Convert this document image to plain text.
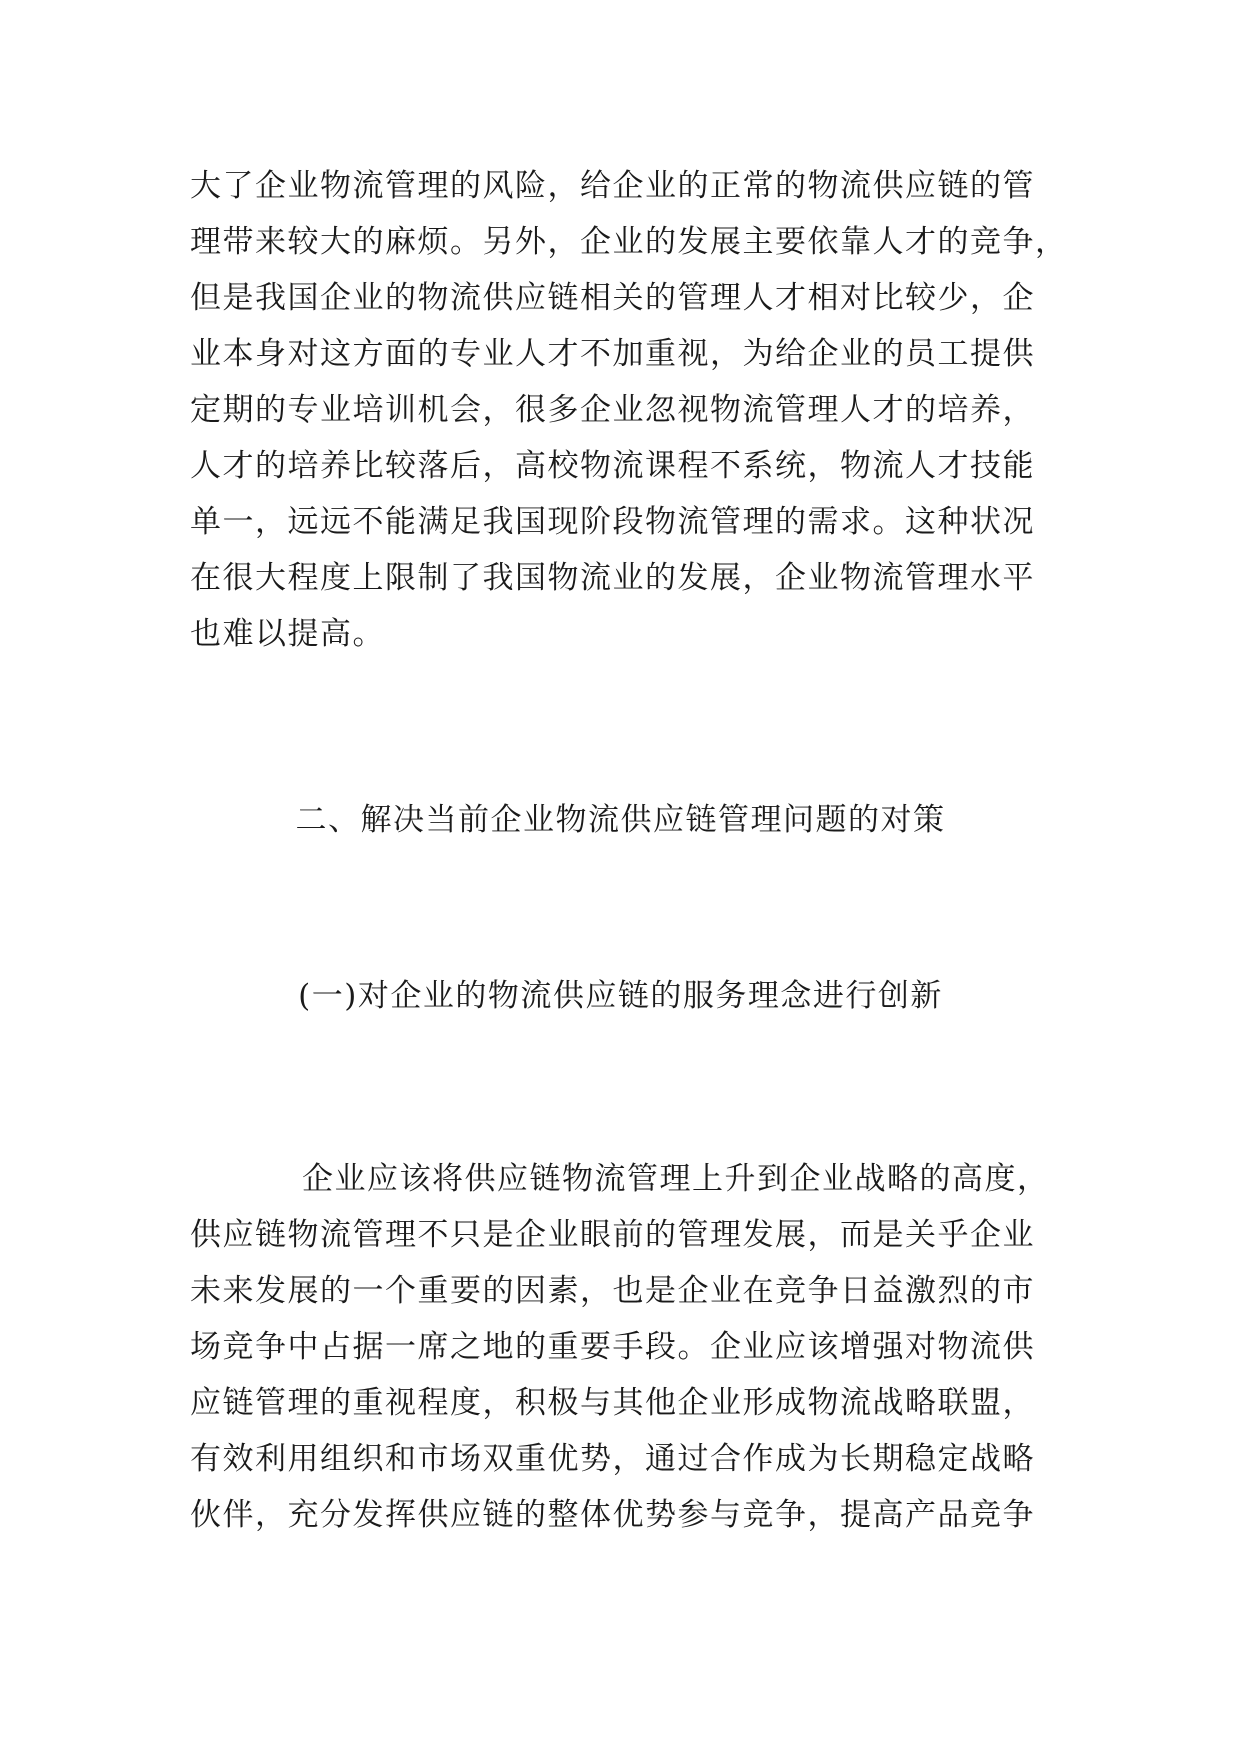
大了企业物流管理的风险，给企业的正常的物流供应链的管
理带来较大的麻烦。另外，企业的发展主要依靠人才的竞争，
但是我国企业的物流供应链相关的管理人才相对比较少，企
业本身对这方面的专业人才不加重视，为给企业的员工提供
定期的专业培训机会，很多企业忽视物流管理人才的培养，
人才的培养比较落后，高校物流课程不系统，物流人才技能
单一，远远不能满足我国现阶段物流管理的需求。这种状况
在很大程度上限制了我国物流业的发展，企业物流管理水平
也难以提高。
二、解决当前企业物流供应链管理问题的对策
(一)对企业的物流供应链的服务理念进行创新
企业应该将供应链物流管理上升到企业战略的高度，
供应链物流管理不只是企业眼前的管理发展，而是关乎企业
未来发展的一个重要的因素，也是企业在竞争日益激烈的市
场竞争中占据一席之地的重要手段。企业应该增强对物流供
应链管理的重视程度，积极与其他企业形成物流战略联盟，
有效利用组织和市场双重优势，通过合作成为长期稳定战略
伙伴，充分发挥供应链的整体优势参与竞争，提高产品竞争
